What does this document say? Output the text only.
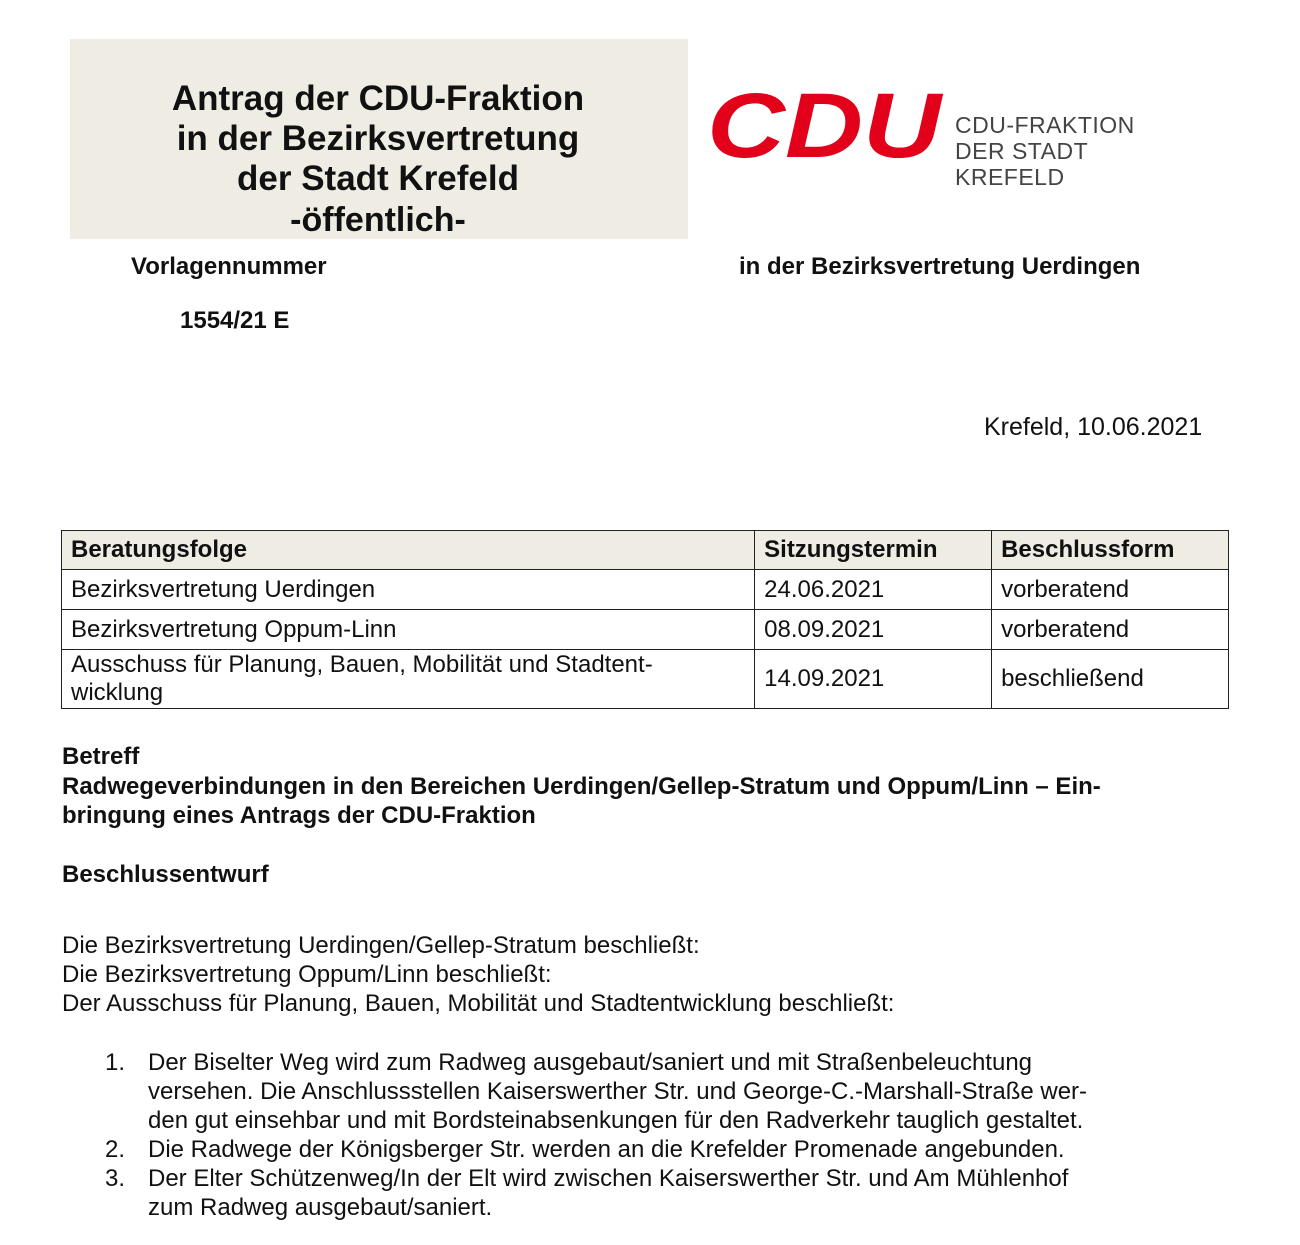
Antrag der CDU-Fraktion
in der Bezirksvertretung
der Stadt Krefeld
-öffentlich-
CDU CDU-FRAKTION
DER STADT KREFELD
Vorlagennummer
1554/21 E
in der Bezirksvertretung Uerdingen
Krefeld, 10.06.2021
Beratungsfolge	Sitzungstermin	Beschlussform
Bezirksvertretung Uerdingen	24.06.2021	vorberatend
Bezirksvertretung Oppum-Linn	08.09.2021	vorberatend

Ausschuss für Planung, Bauen, Mobilität und Stadtent-
wicklung	14.09.2021	beschließend
Betreff
Radwegeverbindungen in den Bereichen Uerdingen/Gellep-Stratum und Oppum/Linn – Ein-
bringung eines Antrags der CDU-Fraktion
Beschlussentwurf
Die Bezirksvertretung Uerdingen/Gellep-Stratum beschließt:
Die Bezirksvertretung Oppum/Linn beschließt:
Der Ausschuss für Planung, Bauen, Mobilität und Stadtentwicklung beschließt:
1. Der Biselter Weg wird zum Radweg ausgebaut/saniert und mit Straßenbeleuchtung
versehen. Die Anschlussstellen Kaiserswerther Str. und George-C.-Marshall-Straße wer-
den gut einsehbar und mit Bordsteinabsenkungen für den Radverkehr tauglich gestaltet.
2. Die Radwege der Königsberger Str. werden an die Krefelder Promenade angebunden.
3. Der Elter Schützenweg/In der Elt wird zwischen Kaiserswerther Str. und Am Mühlenhof
zum Radweg ausgebaut/saniert.
